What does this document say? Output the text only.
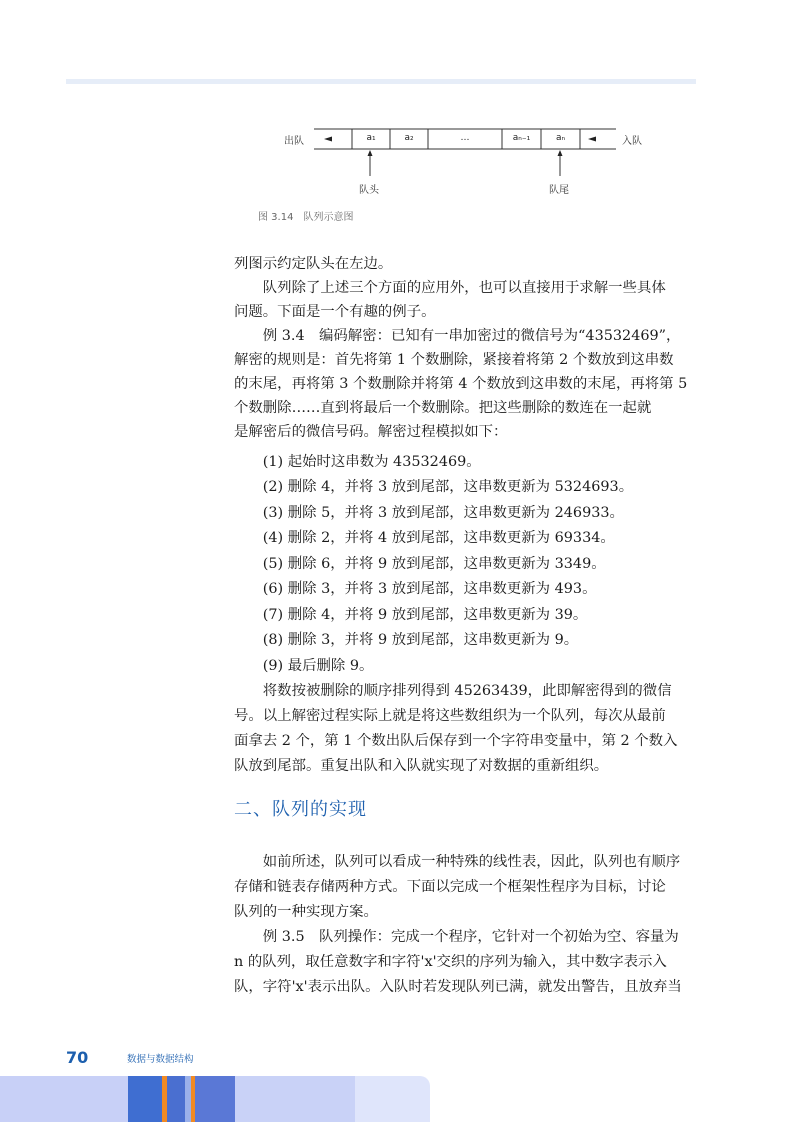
出队	入队
a₁	a₂	…	aₙ₋₁	aₙ
队头	队尾
图 3.14　队列示意图
列图示约定队头在左边。
　　队列除了上述三个方面的应用外，也可以直接用于求解一些具体
问题。下面是一个有趣的例子。
　　例 3.4　编码解密：已知有一串加密过的微信号为“43532469”，
解密的规则是：首先将第 1 个数删除，紧接着将第 2 个数放到这串数
的末尾，再将第 3 个数删除并将第 4 个数放到这串数的末尾，再将第 5
个数删除……直到将最后一个数删除。把这些删除的数连在一起就
是解密后的微信号码。解密过程模拟如下：
　　(1) 起始时这串数为 43532469。
　　(2) 删除 4，并将 3 放到尾部，这串数更新为 5324693。
　　(3) 删除 5，并将 3 放到尾部，这串数更新为 246933。
　　(4) 删除 2，并将 4 放到尾部，这串数更新为 69334。
　　(5) 删除 6，并将 9 放到尾部，这串数更新为 3349。
　　(6) 删除 3，并将 3 放到尾部，这串数更新为 493。
　　(7) 删除 4，并将 9 放到尾部，这串数更新为 39。
　　(8) 删除 3，并将 9 放到尾部，这串数更新为 9。
　　(9) 最后删除 9。
　　将数按被删除的顺序排列得到 45263439，此即解密得到的微信
号。以上解密过程实际上就是将这些数组织为一个队列，每次从最前
面拿去 2 个，第 1 个数出队后保存到一个字符串变量中，第 2 个数入
队放到尾部。重复出队和入队就实现了对数据的重新组织。
二、队列的实现
　　如前所述，队列可以看成一种特殊的线性表，因此，队列也有顺序
存储和链表存储两种方式。下面以完成一个框架性程序为目标，讨论
队列的一种实现方案。
　　例 3.5　队列操作：完成一个程序，它针对一个初始为空、容量为
n 的队列，取任意数字和字符'x'交织的序列为输入，其中数字表示入
队，字符'x'表示出队。入队时若发现队列已满，就发出警告，且放弃当
70	数据与数据结构
